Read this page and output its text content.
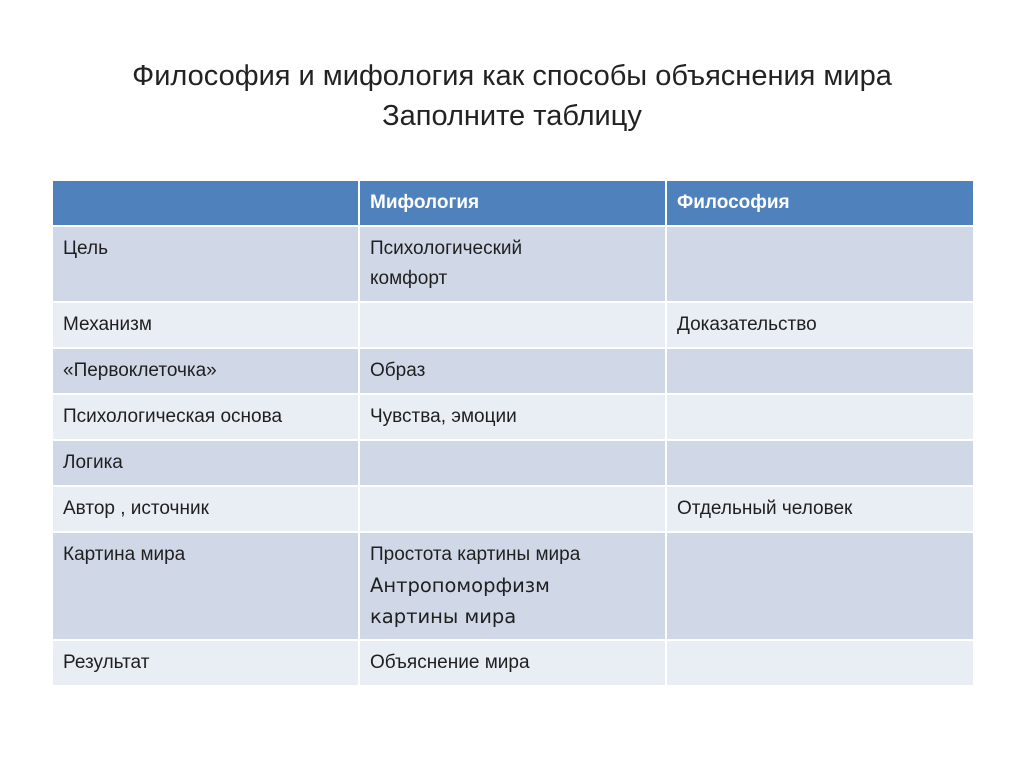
Философия и мифология как способы объяснения мира
Заполните таблицу
	Мифология	Философия
Цель	Психологический
комфорт	

Механизм		Доказательство

«Первоклеточка»	Образ	

Психологическая основа	Чувства, эмоции	

Логика		
Автор , источник		Отдельный человек

Картина мира	Простота картины мира
Антропоморфизм
картины мира	

Результат	Объяснение мира	
